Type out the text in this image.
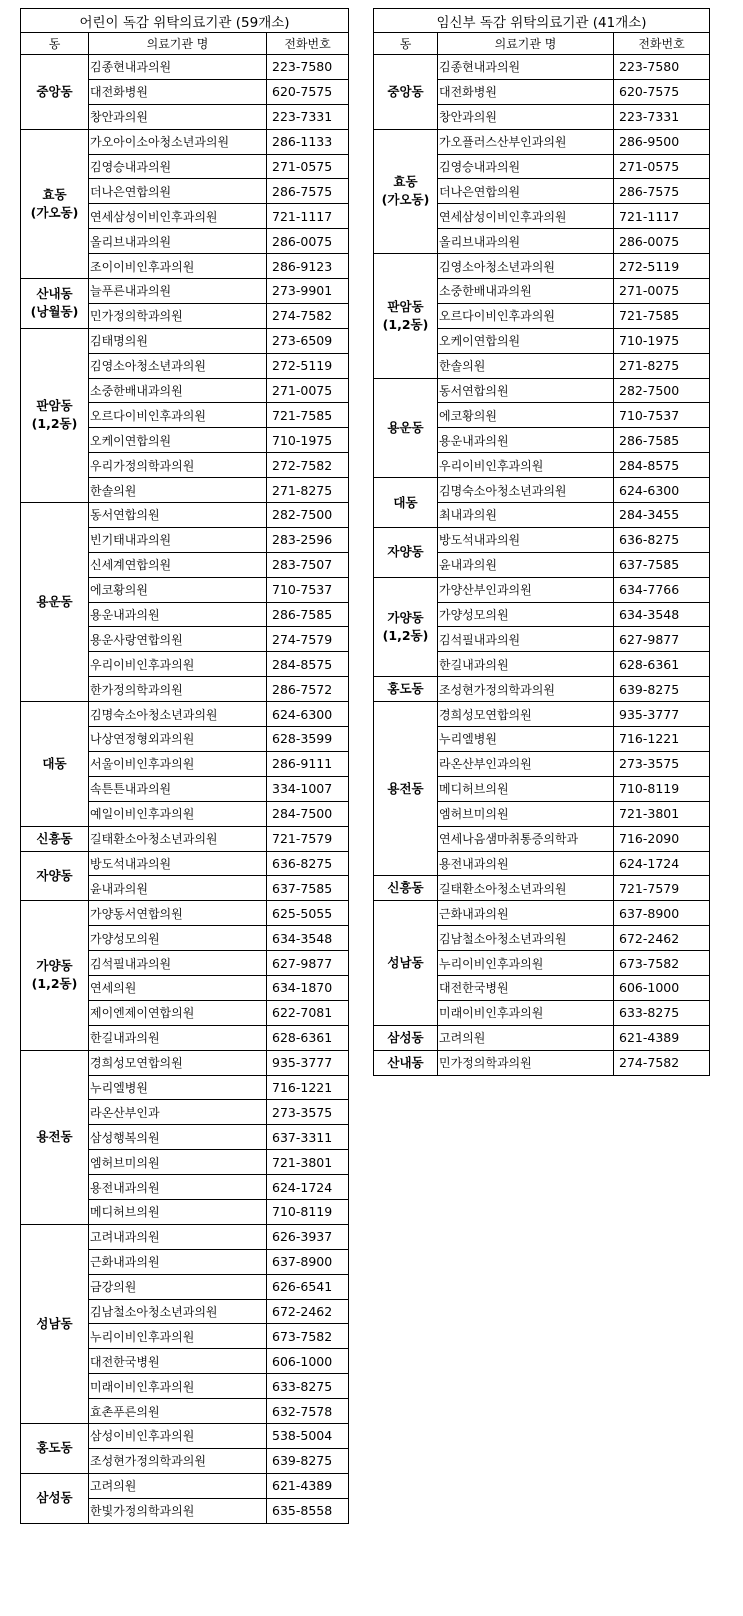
어린이 독감 위탁의료기관 (59개소)		
동	의료기관 명	전화번호

중앙동	김종현내과의원	223-7580
	대전화병원	620-7575
	창안과의원	223-7331

효동
(가오동)	가오아이소아청소년과의원	286-1133
	김영승내과의원	271-0575
	더나은연합의원	286-7575
	연세삼성이비인후과의원	721-1117
	올리브내과의원	286-0075
	조이이비인후과의원	286-9123

산내동
(낭월동)	늘푸른내과의원	273-9901
	민가정의학과의원	274-7582

판암동
(1,2동)	김태명의원	273-6509
	김영소아청소년과의원	272-5119
	소중한배내과의원	271-0075
	오르다이비인후과의원	721-7585
	오케이연합의원	710-1975
	우리가정의학과의원	272-7582
	한솔의원	271-8275

용운동	동서연합의원	282-7500
	빈기태내과의원	283-2596
	신세계연합의원	283-7507
	에코황의원	710-7537
	용운내과의원	286-7585
	용운사랑연합의원	274-7579
	우리이비인후과의원	284-8575
	한가정의학과의원	286-7572

대동	김명숙소아청소년과의원	624-6300
	나상연정형외과의원	628-3599
	서울이비인후과의원	286-9111
	속튼튼내과의원	334-1007
	예일이비인후과의원	284-7500

신흥동	길태환소아청소년과의원	721-7579

자양동	방도석내과의원	636-8275
	윤내과의원	637-7585

가양동
(1,2동)	가양동서연합의원	625-5055
	가양성모의원	634-3548
	김석필내과의원	627-9877
	연세의원	634-1870
	제이엔제이연합의원	622-7081
	한길내과의원	628-6361

용전동	경희성모연합의원	935-3777
	누리엘병원	716-1221
	라온산부인과	273-3575
	삼성행복의원	637-3311
	엠허브미의원	721-3801
	용전내과의원	624-1724
	메디허브의원	710-8119

성남동	고려내과의원	626-3937
	근화내과의원	637-8900
	금강의원	626-6541
	김남철소아청소년과의원	672-2462
	누리이비인후과의원	673-7582
	대전한국병원	606-1000
	미래이비인후과의원	633-8275
	효촌푸른의원	632-7578

홍도동	삼성이비인후과의원	538-5004
	조성현가정의학과의원	639-8275

삼성동	고려의원	621-4389
	한빛가정의학과의원	635-8558
임신부 독감 위탁의료기관 (41개소)		
동	의료기관 명	전화번호

중앙동	김종현내과의원	223-7580
	대전화병원	620-7575
	창안과의원	223-7331

효동
(가오동)	가오플러스산부인과의원	286-9500
	김영승내과의원	271-0575
	더나은연합의원	286-7575
	연세삼성이비인후과의원	721-1117
	올리브내과의원	286-0075

판암동
(1,2동)	김영소아청소년과의원	272-5119
	소중한배내과의원	271-0075
	오르다이비인후과의원	721-7585
	오케이연합의원	710-1975
	한솔의원	271-8275

용운동	동서연합의원	282-7500
	에코황의원	710-7537
	용운내과의원	286-7585
	우리이비인후과의원	284-8575

대동	김명숙소아청소년과의원	624-6300
	최내과의원	284-3455

자양동	방도석내과의원	636-8275
	윤내과의원	637-7585

가양동
(1,2동)	가양산부인과의원	634-7766
	가양성모의원	634-3548
	김석필내과의원	627-9877
	한길내과의원	628-6361

홍도동	조성현가정의학과의원	639-8275

용전동	경희성모연합의원	935-3777
	누리엘병원	716-1221
	라온산부인과의원	273-3575
	메디허브의원	710-8119
	엠허브미의원	721-3801
	연세나음샘마취통증의학과	716-2090
	용전내과의원	624-1724

신흥동	길태환소아청소년과의원	721-7579

성남동	근화내과의원	637-8900
	김남철소아청소년과의원	672-2462
	누리이비인후과의원	673-7582
	대전한국병원	606-1000
	미래이비인후과의원	633-8275

삼성동	고려의원	621-4389

산내동	민가정의학과의원	274-7582
